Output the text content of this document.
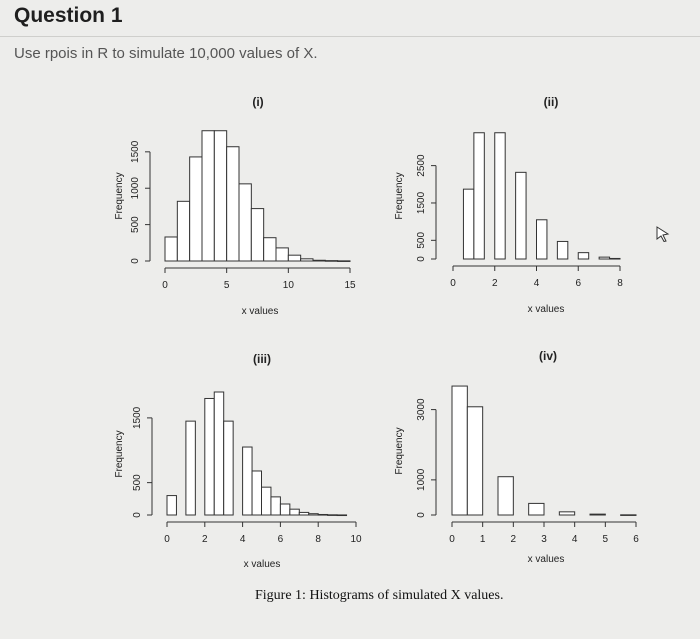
Question 1
Use rpois in R to simulate 10,000 values of X.
(i)
0	5	10	15
x values
0
500
1000
1500
Frequency
(ii)
0	2	4	6	8
x values
0
500
1500
2500
Frequency
(iii)
0	2	4	6	8	10
x values
0
500
1500
Frequency
(iv)
0	1	2	3	4	5	6
x values
0
1000
3000
Frequency
Figure 1: Histograms of simulated X values.
